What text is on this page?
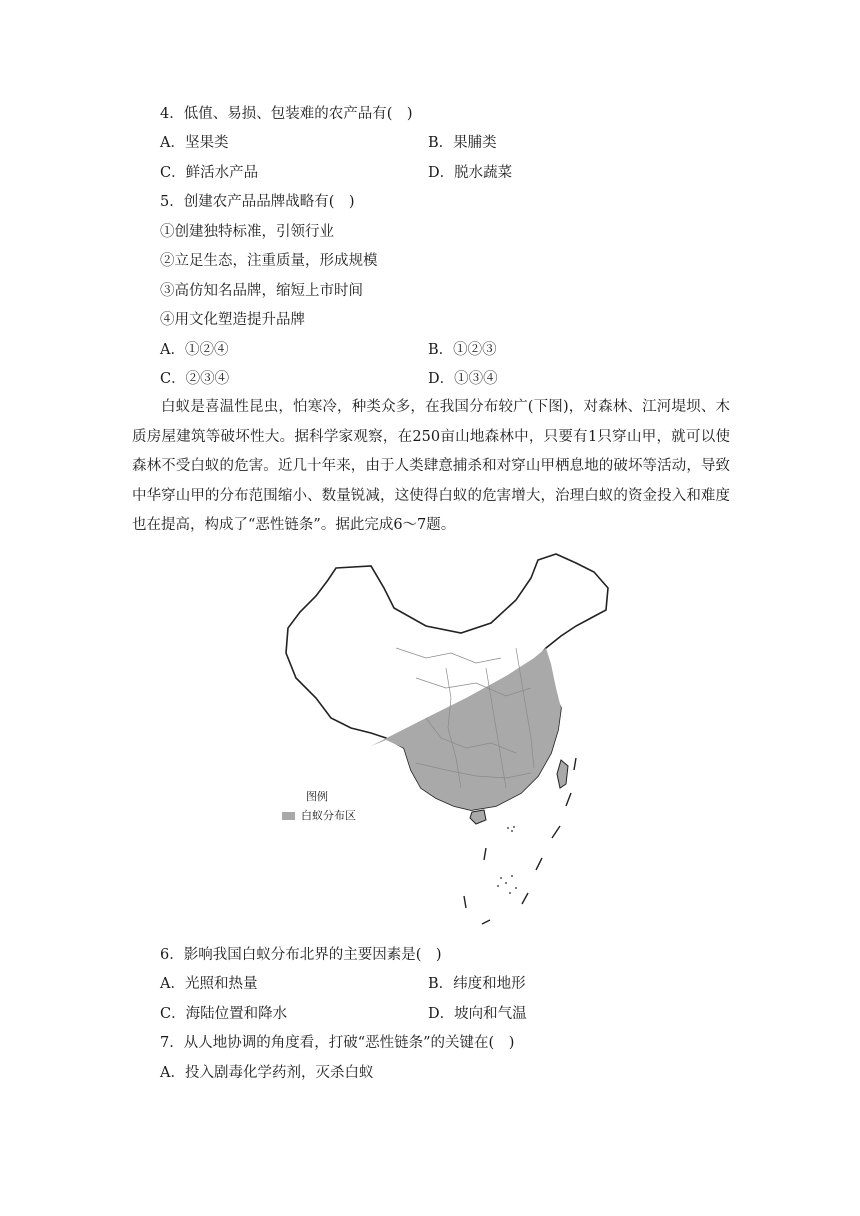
4．低值、易损、包装难的农产品有(　)
A．坚果类	B．果脯类
C．鲜活水产品	D．脱水蔬菜
5．创建农产品品牌战略有(　)
①创建独特标准，引领行业
②立足生态，注重质量，形成规模
③高仿知名品牌，缩短上市时间
④用文化塑造提升品牌
A．①②④	B．①②③
C．②③④	D．①③④
白蚁是喜温性昆虫，怕寒冷，种类众多，在我国分布较广(下图)，对森林、江河堤坝、木质房屋建筑等破坏性大。据科学家观察，在250亩山地森林中，只要有1只穿山甲，就可以使森林不受白蚁的危害。近几十年来，由于人类肆意捕杀和对穿山甲栖息地的破坏等活动，导致中华穿山甲的分布范围缩小、数量锐减，这使得白蚁的危害增大，治理白蚁的资金投入和难度也在提高，构成了“恶性链条”。据此完成6～7题。
图例
白蚁分布区
6．影响我国白蚁分布北界的主要因素是(　)
A．光照和热量	B．纬度和地形
C．海陆位置和降水	D．坡向和气温
7．从人地协调的角度看，打破“恶性链条”的关键在(　)
A．投入剧毒化学药剂，灭杀白蚁
